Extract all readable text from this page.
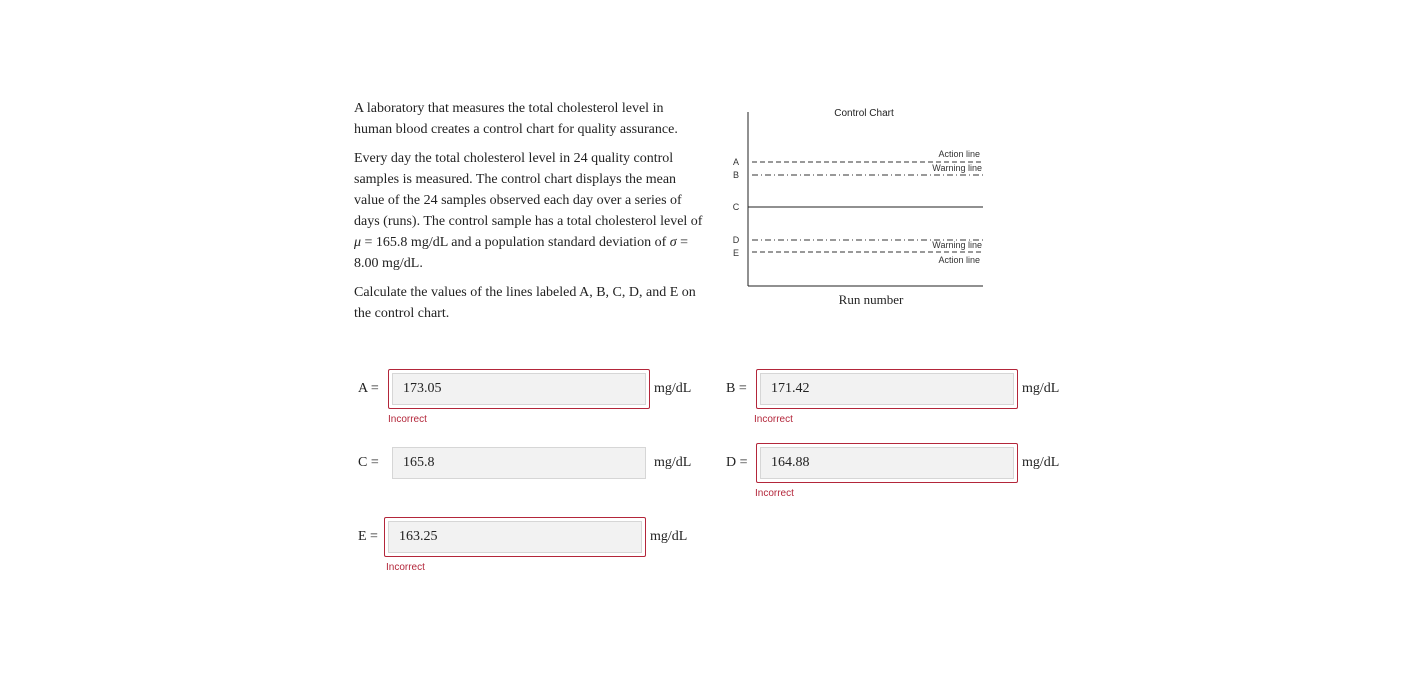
A laboratory that measures the total cholesterol level in human blood creates a control chart for quality assurance.

Every day the total cholesterol level in 24 quality control samples is measured. The control chart displays the mean value of the 24 samples observed each day over a series of days (runs). The control sample has a total cholesterol level of μ = 165.8 mg/dL and a population standard deviation of σ = 8.00 mg/dL.

Calculate the values of the lines labeled A, B, C, D, and E on the control chart.

Control Chart
A
B
C
D
E
Action line
Warning line
Warning line
Action line
Run number
A =	173.05	mg/dL
Incorrect
B =	171.42	mg/dL
Incorrect
C =	165.8	mg/dL D =	164.88	mg/dL
Incorrect
E =	163.25	mg/dL
Incorrect
